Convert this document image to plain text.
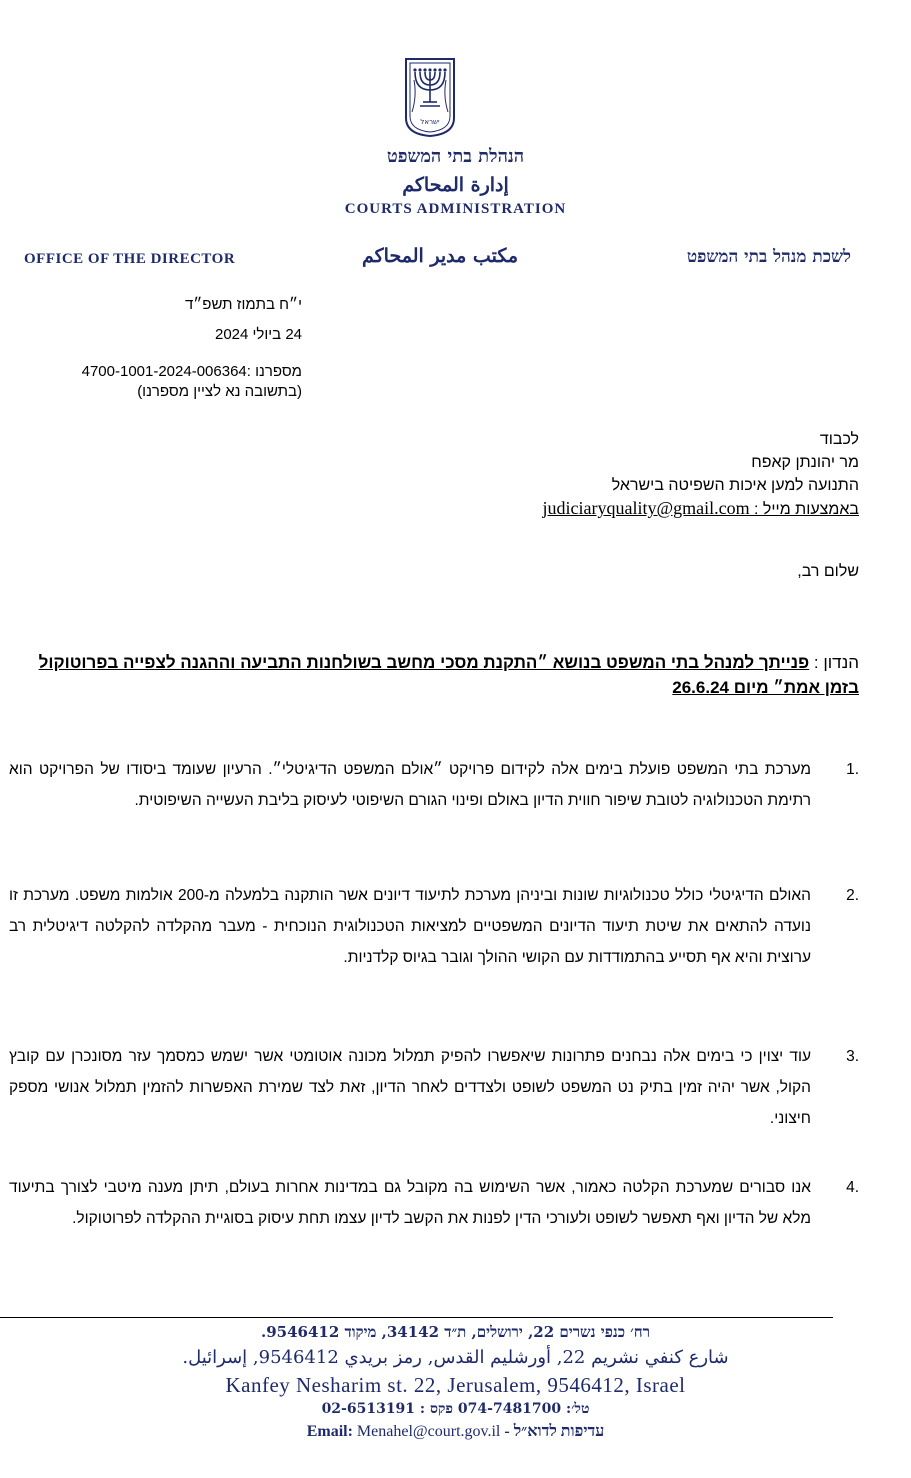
ישראל
הנהלת בתי המשפט
إدارة المحاكم
COURTS ADMINISTRATION
OFFICE OF THE DIRECTOR	مكتب مدير المحاكم	לשכת מנהל בתי המשפט
י״ח בתמוז תשפ״ד
24 ביולי 2024
מספרנו :4700-1001-2024-006364
(בתשובה נא לציין מספרנו)
לכבוד
מר יהונתן קאפח
התנועה למען איכות השפיטה בישראל
באמצעות מייל : judiciaryquality@gmail.com
שלום רב,
הנדון : פנייתך למנהל בתי המשפט בנושא ״התקנת מסכי מחשב בשולחנות התביעה וההגנה לצפייה בפרוטוקול בזמן אמת״ מיום 26.6.24
.1
מערכת בתי המשפט פועלת בימים אלה לקידום פרויקט ״אולם המשפט הדיגיטלי״. הרעיון שעומד ביסודו של הפרויקט הוא רתימת הטכנולוגיה לטובת שיפור חווית הדיון באולם ופינוי הגורם השיפוטי לעיסוק בליבת העשייה השיפוטית.
.2
האולם הדיגיטלי כולל טכנולוגיות שונות וביניהן מערכת לתיעוד דיונים אשר הותקנה בלמעלה מ-200 אולמות משפט. מערכת זו נועדה להתאים את שיטת תיעוד הדיונים המשפטיים למציאות הטכנולוגית הנוכחית - מעבר מהקלדה להקלטה דיגיטלית רב ערוצית והיא אף תסייע בהתמודדות עם הקושי ההולך וגובר בגיוס קלדניות.
.3
עוד יצוין כי בימים אלה נבחנים פתרונות שיאפשרו להפיק תמלול מכונה אוטומטי אשר ישמש כמסמך עזר מסונכרן עם קובץ הקול, אשר יהיה זמין בתיק נט המשפט לשופט ולצדדים לאחר הדיון, זאת לצד שמירת האפשרות להזמין תמלול אנושי מספק חיצוני.
.4
אנו סבורים שמערכת הקלטה כאמור, אשר השימוש בה מקובל גם במדינות אחרות בעולם, תיתן מענה מיטבי לצורך בתיעוד מלא של הדיון ואף תאפשר לשופט ולעורכי הדין לפנות את הקשב לדיון עצמו תחת עיסוק בסוגיית ההקלדה לפרוטוקול.
רח׳ כנפי נשרים 22, ירושלים, ת״ד 34142, מיקוד 9546412.
شارع كنفي نشريم 22, أورشليم القدس, رمز بريدي 9546412, إسرائيل.
Kanfey Nesharim st. 22, Jerusalem, 9546412, Israel
טל׳: 074-7481700 פקס : 02-6513191
עדיפות לדוא״ל - Email: Menahel@court.gov.il
